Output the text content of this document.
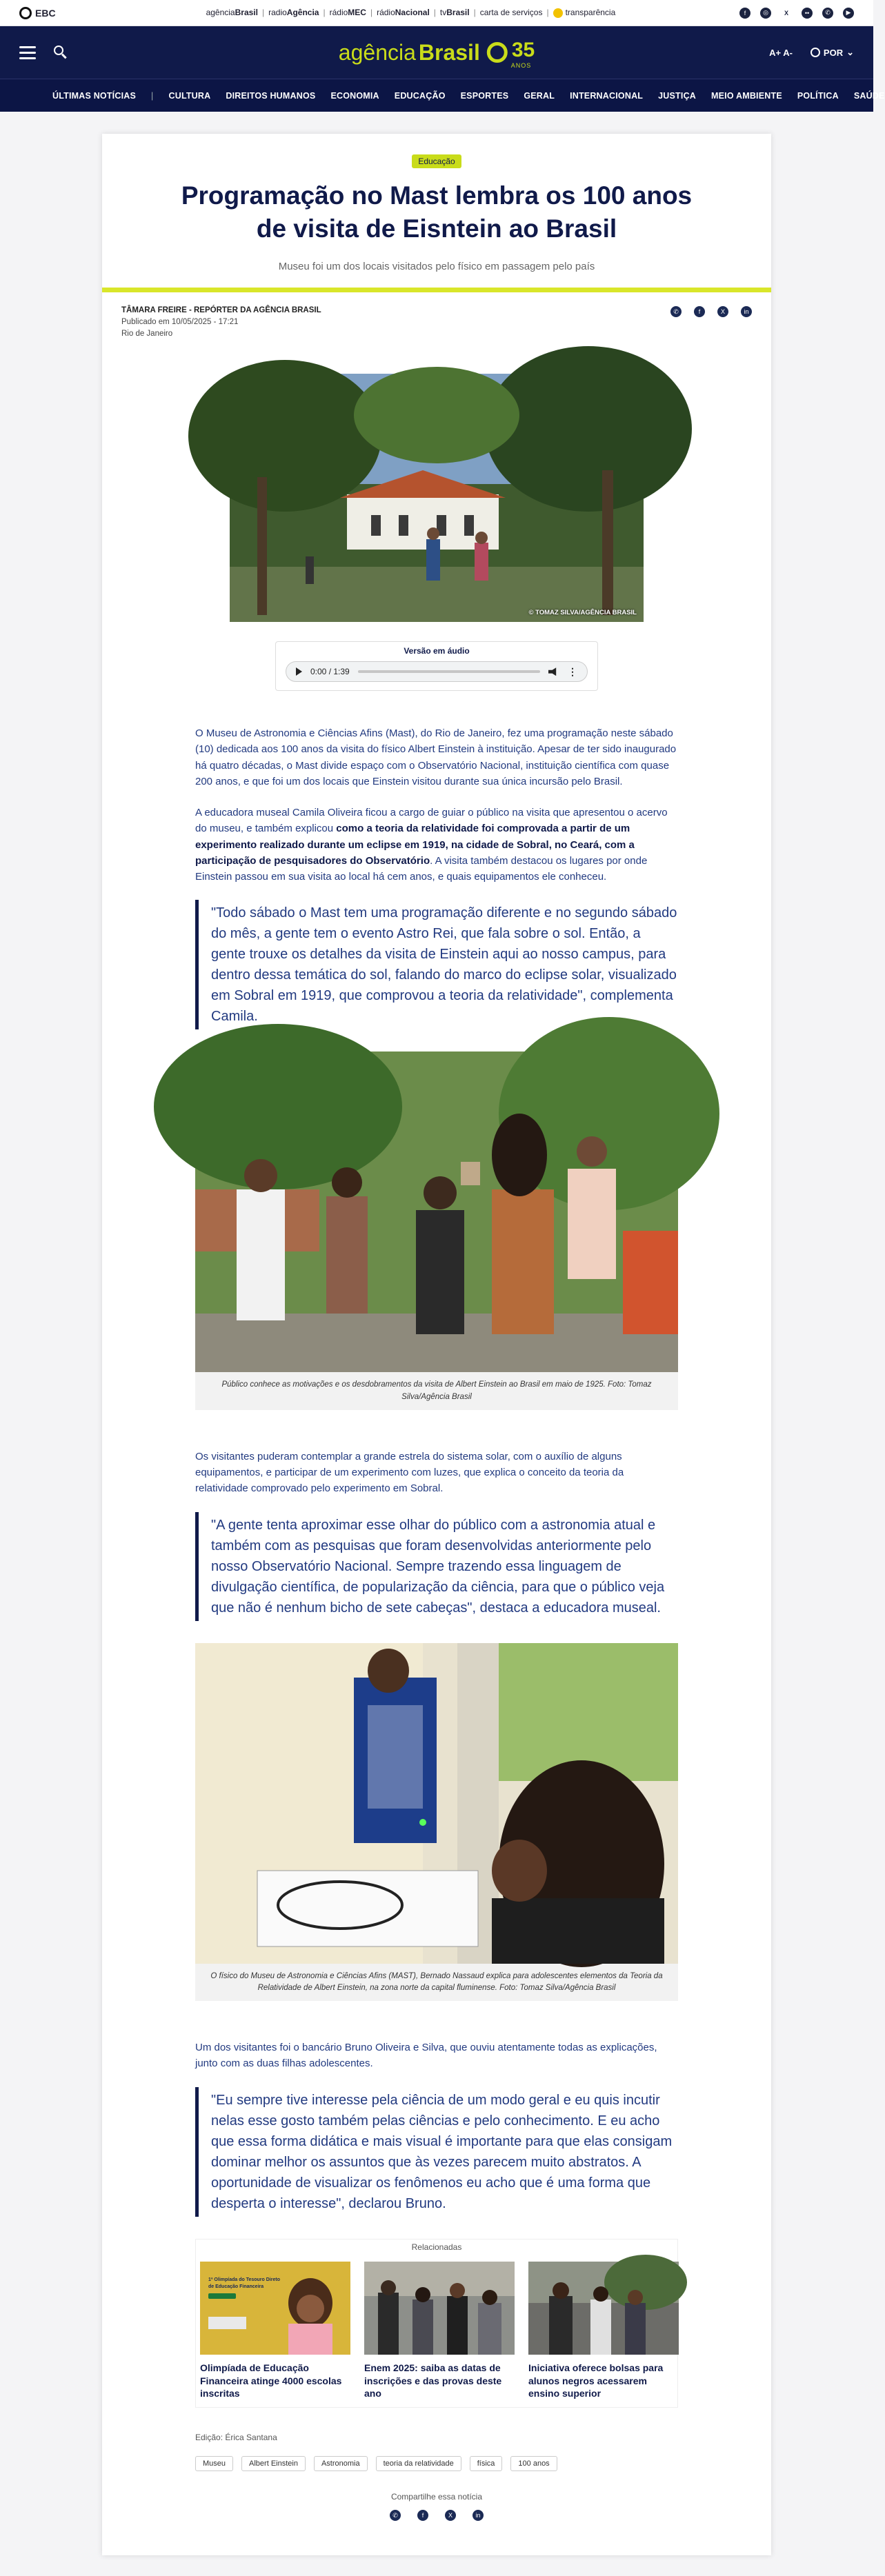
EBC	agênciaBrasil | radioAgência | rádioMEC | rádioNacional | tvBrasil | carta de serviços |	transparência	f	◎	X	••	✆	▶
agência Brasil 35
ANOS
A+ A-	POR ⌄
ÚLTIMAS NOTÍCIAS | CULTURA DIREITOS HUMANOS ECONOMIA EDUCAÇÃO ESPORTES GERAL INTERNACIONAL JUSTIÇA MEIO AMBIENTE POLÍTICA SAÚDE
Educação
Programação no Mast lembra os 100 anos de visita de Eisntein ao Brasil

Museu foi um dos locais visitados pelo físico em passagem pelo país

TÂMARA FREIRE - REPÓRTER DA AGÊNCIA BRASIL
Publicado em 10/05/2025 - 17:21
Rio de Janeiro
✆	f	X	in
© TOMAZ SILVA/AGÊNCIA BRASIL
Versão em áudio
0:00 / 1:39	⋮

O Museu de Astronomia e Ciências Afins (Mast), do Rio de Janeiro, fez uma programação neste sábado (10) dedicada aos 100 anos da visita do físico Albert Einstein à instituição. Apesar de ter sido inaugurado há quatro décadas, o Mast divide espaço com o Observatório Nacional, instituição científica com quase 200 anos, e que foi um dos locais que Einstein visitou durante sua única incursão pelo Brasil.

A educadora museal Camila Oliveira ficou a cargo de guiar o público na visita que apresentou o acervo do museu, e também explicou como a teoria da relatividade foi comprovada a partir de um experimento realizado durante um eclipse em 1919, na cidade de Sobral, no Ceará, com a participação de pesquisadores do Observatório. A visita também destacou os lugares por onde Einstein passou em sua visita ao local há cem anos, e quais equipamentos ele conheceu.

"Todo sábado o Mast tem uma programação diferente e no segundo sábado do mês, a gente tem o evento Astro Rei, que fala sobre o sol. Então, a gente trouxe os detalhes da visita de Einstein aqui ao nosso campus, para dentro dessa temática do sol, falando do marco do eclipse solar, visualizado em Sobral em 1919, que comprovou a teoria da relatividade", complementa Camila.
Público conhece as motivações e os desdobramentos da visita de Albert Einstein ao Brasil em maio de 1925. Foto: Tomaz Silva/Agência Brasil

Os visitantes puderam contemplar a grande estrela do sistema solar, com o auxílio de alguns equipamentos, e participar de um experimento com luzes, que explica o conceito da teoria da relatividade comprovado pelo experimento em Sobral.

"A gente tenta aproximar esse olhar do público com a astronomia atual e também com as pesquisas que foram desenvolvidas anteriormente pelo nosso Observatório Nacional. Sempre trazendo essa linguagem de divulgação científica, de popularização da ciência, para que o público veja que não é nenhum bicho de sete cabeças", destaca a educadora museal.
O físico do Museu de Astronomia e Ciências Afins (MAST), Bernado Nassaud explica para adolescentes elementos da Teoria da Relatividade de Albert Einstein, na zona norte da capital fluminense. Foto: Tomaz Silva/Agência Brasil

Um dos visitantes foi o bancário Bruno Oliveira e Silva, que ouviu atentamente todas as explicações, junto com as duas filhas adolescentes.

"Eu sempre tive interesse pela ciência de um modo geral e eu quis incutir nelas esse gosto também pelas ciências e pelo conhecimento. E eu acho que essa forma didática e mais visual é importante para que elas consigam dominar melhor os assuntos que às vezes parecem muito abstratos. A oportunidade de visualizar os fenômenos eu acho que é uma forma que desperta o interesse", declarou Bruno.
Relacionadas
1ª Olimpíada do Tesouro Direto
de Educação Financeira
Olimpíada de Educação Financeira atinge 4000 escolas inscritas
Enem 2025: saiba as datas de inscrições e das provas deste ano
Iniciativa oferece bolsas para alunos negros acessarem ensino superior
Edição: Érica Santana
Museu	Albert Einstein	Astronomia	teoria da relatividade	física	100 anos
Compartilhe essa notícia
✆	f	X	in
